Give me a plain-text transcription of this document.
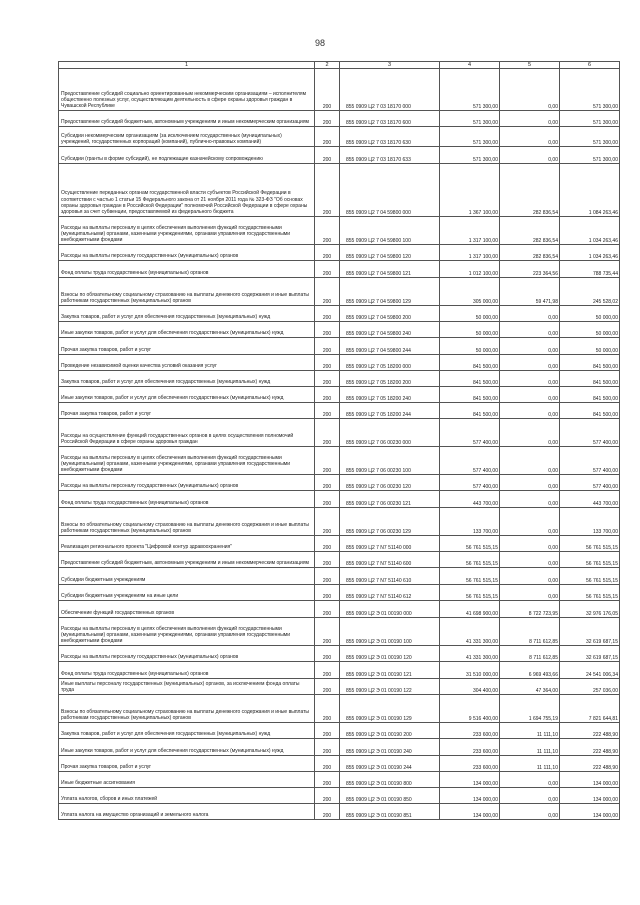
98
1	2	3	4	5	6
Предоставление субсидий социально ориентированным некоммерческим организациям – исполнителям общественно полезных услуг, осуществляющим деятельность в сфере охраны здоровья граждан в Чувашской Республике	200	855 0909 Ц2 7 03 18170 000	571 300,00	0,00	571 300,00
Предоставление субсидий бюджетным, автономным учреждениям и иным некоммерческим организациям	200	855 0909 Ц2 7 03 18170 600	571 300,00	0,00	571 300,00
Субсидии некоммерческим организациям (за исключением государственных (муниципальных) учреждений, государственных корпораций (компаний), публично-правовых компаний)	200	855 0909 Ц2 7 03 18170 630	571 300,00	0,00	571 300,00
Субсидии (гранты в форме субсидий), не подлежащие казначейскому сопровождению	200	855 0909 Ц2 7 03 18170 633	571 300,00	0,00	571 300,00
Осуществление переданных органам государственной власти субъектов Российской Федерации в соответствии с частью 1 статьи 15 Федерального закона от 21 ноября 2011 года № 323-ФЗ "Об основах охраны здоровья граждан в Российской Федерации" полномочий Российской Федерации в сфере охраны здоровья за счет субвенции, предоставляемой из федерального бюджета	200	855 0909 Ц2 7 04 59800 000	1 367 100,00	282 836,54	1 084 263,46
Расходы на выплаты персоналу в целях обеспечения выполнения функций государственными (муниципальными) органами, казенными учреждениями, органами управления государственными внебюджетными фондами	200	855 0909 Ц2 7 04 59800 100	1 317 100,00	282 836,54	1 034 263,46
Расходы на выплаты персоналу государственных (муниципальных) органов	200	855 0909 Ц2 7 04 59800 120	1 317 100,00	282 836,54	1 034 263,46
Фонд оплаты труда государственных (муниципальных) органов	200	855 0909 Ц2 7 04 59800 121	1 012 100,00	223 364,56	788 735,44
Взносы по обязательному социальному страхованию на выплаты денежного содержания и иные выплаты работникам государственных (муниципальных) органов	200	855 0909 Ц2 7 04 59800 129	305 000,00	59 471,98	245 528,02
Закупка товаров, работ и услуг для обеспечения государственных (муниципальных) нужд	200	855 0909 Ц2 7 04 59800 200	50 000,00	0,00	50 000,00
Иные закупки товаров, работ и услуг для обеспечения государственных (муниципальных) нужд	200	855 0909 Ц2 7 04 59800 240	50 000,00	0,00	50 000,00
Прочая закупка товаров, работ и услуг	200	855 0909 Ц2 7 04 59800 244	50 000,00	0,00	50 000,00
Проведение независимой оценки качества условий оказания услуг	200	855 0909 Ц2 7 05 18200 000	841 500,00	0,00	841 500,00
Закупка товаров, работ и услуг для обеспечения государственных (муниципальных) нужд	200	855 0909 Ц2 7 05 18200 200	841 500,00	0,00	841 500,00
Иные закупки товаров, работ и услуг для обеспечения государственных (муниципальных) нужд	200	855 0909 Ц2 7 05 18200 240	841 500,00	0,00	841 500,00
Прочая закупка товаров, работ и услуг	200	855 0909 Ц2 7 05 18200 244	841 500,00	0,00	841 500,00
Расходы на осуществление функций государственных органов в целях осуществления полномочий Российской Федерации в сфере охраны здоровья граждан	200	855 0909 Ц2 7 06 00230 000	577 400,00	0,00	577 400,00
Расходы на выплаты персоналу в целях обеспечения выполнения функций государственными (муниципальными) органами, казенными учреждениями, органами управления государственными внебюджетными фондами	200	855 0909 Ц2 7 06 00230 100	577 400,00	0,00	577 400,00
Расходы на выплаты персоналу государственных (муниципальных) органов	200	855 0909 Ц2 7 06 00230 120	577 400,00	0,00	577 400,00
Фонд оплаты труда государственных (муниципальных) органов	200	855 0909 Ц2 7 06 00230 121	443 700,00	0,00	443 700,00
Взносы по обязательному социальному страхованию на выплаты денежного содержания и иные выплаты работникам государственных (муниципальных) органов	200	855 0909 Ц2 7 06 00230 129	133 700,00	0,00	133 700,00
Реализация регионального проекта "Цифровой контур здравоохранения"	200	855 0909 Ц2 7 N7 51140 000	56 761 515,15	0,00	56 761 515,15
Предоставление субсидий бюджетным, автономным учреждениям и иным некоммерческим организациям	200	855 0909 Ц2 7 N7 51140 600	56 761 515,15	0,00	56 761 515,15
Субсидии бюджетным учреждениям	200	855 0909 Ц2 7 N7 51140 610	56 761 515,15	0,00	56 761 515,15
Субсидии бюджетным учреждениям на иные цели	200	855 0909 Ц2 7 N7 51140 612	56 761 515,15	0,00	56 761 515,15
Обеспечение функций государственных органов	200	855 0909 Ц2 Э 01 00190 000	41 698 900,00	8 722 723,95	32 976 176,05
Расходы на выплаты персоналу в целях обеспечения выполнения функций государственными (муниципальными) органами, казенными учреждениями, органами управления государственными внебюджетными фондами	200	855 0909 Ц2 Э 01 00190 100	41 331 300,00	8 711 612,85	32 619 687,15
Расходы на выплаты персоналу государственных (муниципальных) органов	200	855 0909 Ц2 Э 01 00190 120	41 331 300,00	8 711 612,85	32 619 687,15
Фонд оплаты труда государственных (муниципальных) органов	200	855 0909 Ц2 Э 01 00190 121	31 510 000,00	6 969 493,66	24 541 006,34
Иные выплаты персоналу государственных (муниципальных) органов, за исключением фонда оплаты труда	200	855 0909 Ц2 Э 01 00190 122	304 400,00	47 364,00	257 036,00
Взносы по обязательному социальному страхованию на выплаты денежного содержания и иные выплаты работникам государственных (муниципальных) органов	200	855 0909 Ц2 Э 01 00190 129	9 516 400,00	1 694 755,19	7 821 644,81
Закупка товаров, работ и услуг для обеспечения государственных (муниципальных) нужд	200	855 0909 Ц2 Э 01 00190 200	233 600,00	11 111,10	222 488,90
Иные закупки товаров, работ и услуг для обеспечения государственных (муниципальных) нужд	200	855 0909 Ц2 Э 01 00190 240	233 600,00	11 111,10	222 488,90
Прочая закупка товаров, работ и услуг	200	855 0909 Ц2 Э 01 00190 244	233 600,00	11 111,10	222 488,90
Иные бюджетные ассигнования	200	855 0909 Ц2 Э 01 00190 800	134 000,00	0,00	134 000,00
Уплата налогов, сборов и иных платежей	200	855 0909 Ц2 Э 01 00190 850	134 000,00	0,00	134 000,00
Уплата налога на имущество организаций и земельного налога	200	855 0909 Ц2 Э 01 00190 851	134 000,00	0,00	134 000,00
